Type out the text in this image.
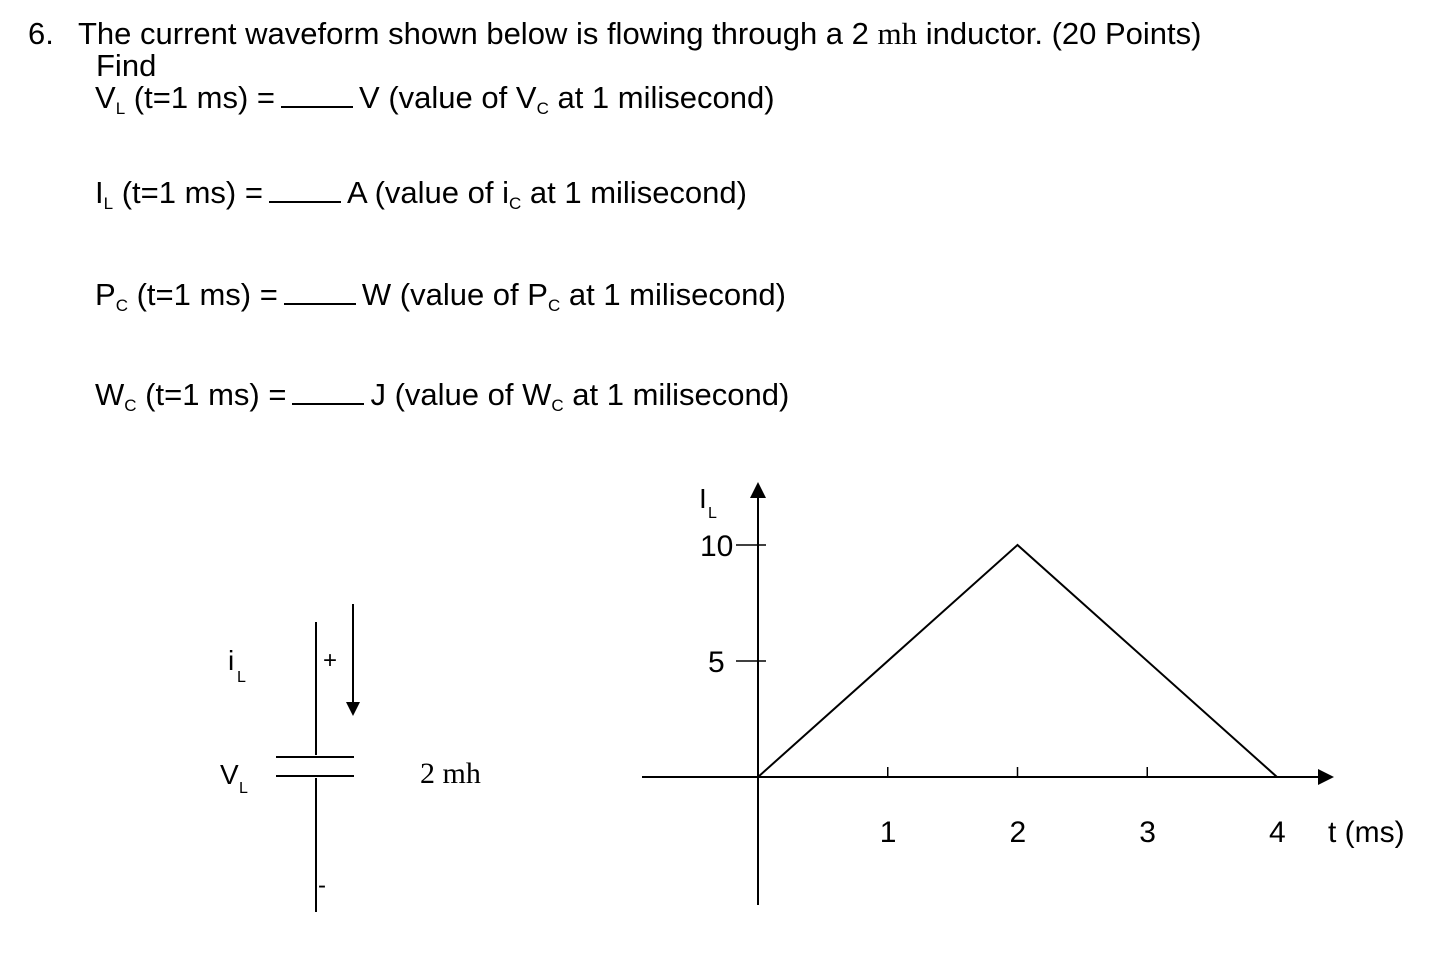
6. The current waveform shown below is flowing through a 2 mh inductor. (20 Points)
Find
$V_L$ (t=1 ms) =	V (value of $V_C$ at 1 milisecond)
$I_L$ (t=1 ms) =	A (value of $i_C$ at 1 milisecond)
$P_C$ (t=1 ms) =	W (value of $P_C$ at 1 milisecond)
$W_C$ (t=1 ms) =	J (value of $W_C$ at 1 milisecond)
i
L
+
-
V L	2 mh
I L
t (ms)
1	2	3	4
5
10
